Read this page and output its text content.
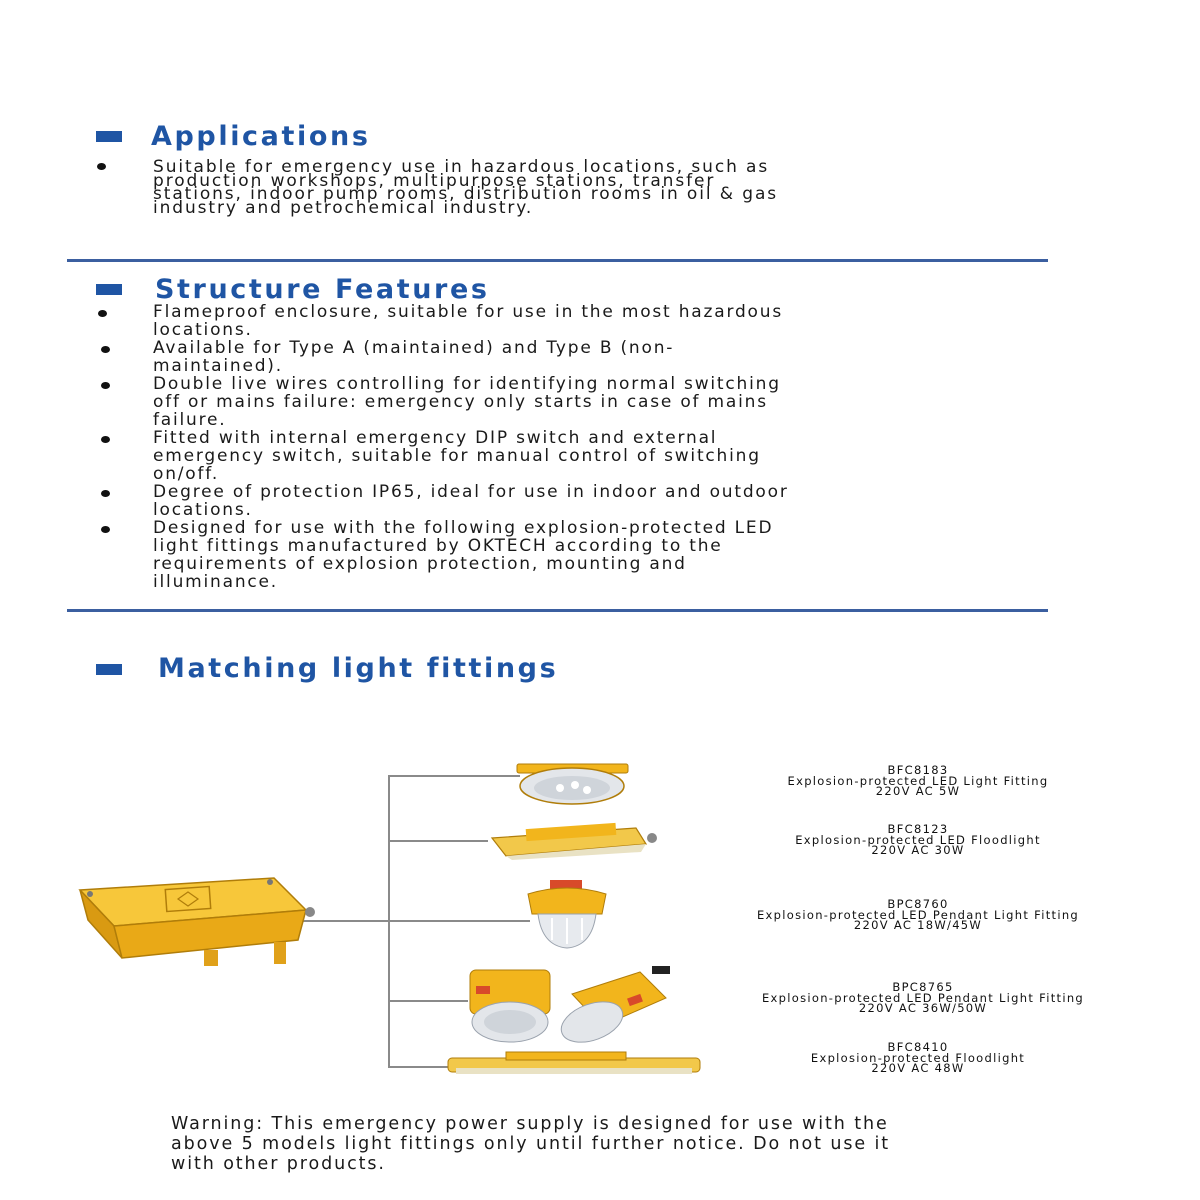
Applications
Suitable for emergency use in hazardous locations, such as
production workshops, multipurpose stations, transfer
stations, indoor pump rooms, distribution rooms in oil & gas
industry and petrochemical industry.
Structure Features
Flameproof enclosure, suitable for use in the most hazardous
locations.
Available for Type A (maintained) and Type B (non-
maintained).
Double live wires controlling for identifying normal switching
off or mains failure: emergency only starts in case of mains
failure.
Fitted with internal emergency DIP switch and external
emergency switch, suitable for manual control of switching
on/off.
Degree of protection IP65, ideal for use in indoor and outdoor
locations.
Designed for use with the following explosion-protected LED
light fittings manufactured by OKTECH according to the
requirements of explosion protection, mounting and
illuminance.
Matching light fittings
BFC8183
Explosion-protected LED Light Fitting
220V AC 5W
BFC8123
Explosion-protected LED Floodlight
220V AC 30W
BPC8760
Explosion-protected LED Pendant Light Fitting
220V AC 18W/45W
BPC8765
Explosion-protected LED Pendant Light Fitting
220V AC 36W/50W
BFC8410
Explosion-protected Floodlight
220V AC 48W
Warning: This emergency power supply is designed for use with the
above 5 models light fittings only until further notice. Do not use it
with other products.
